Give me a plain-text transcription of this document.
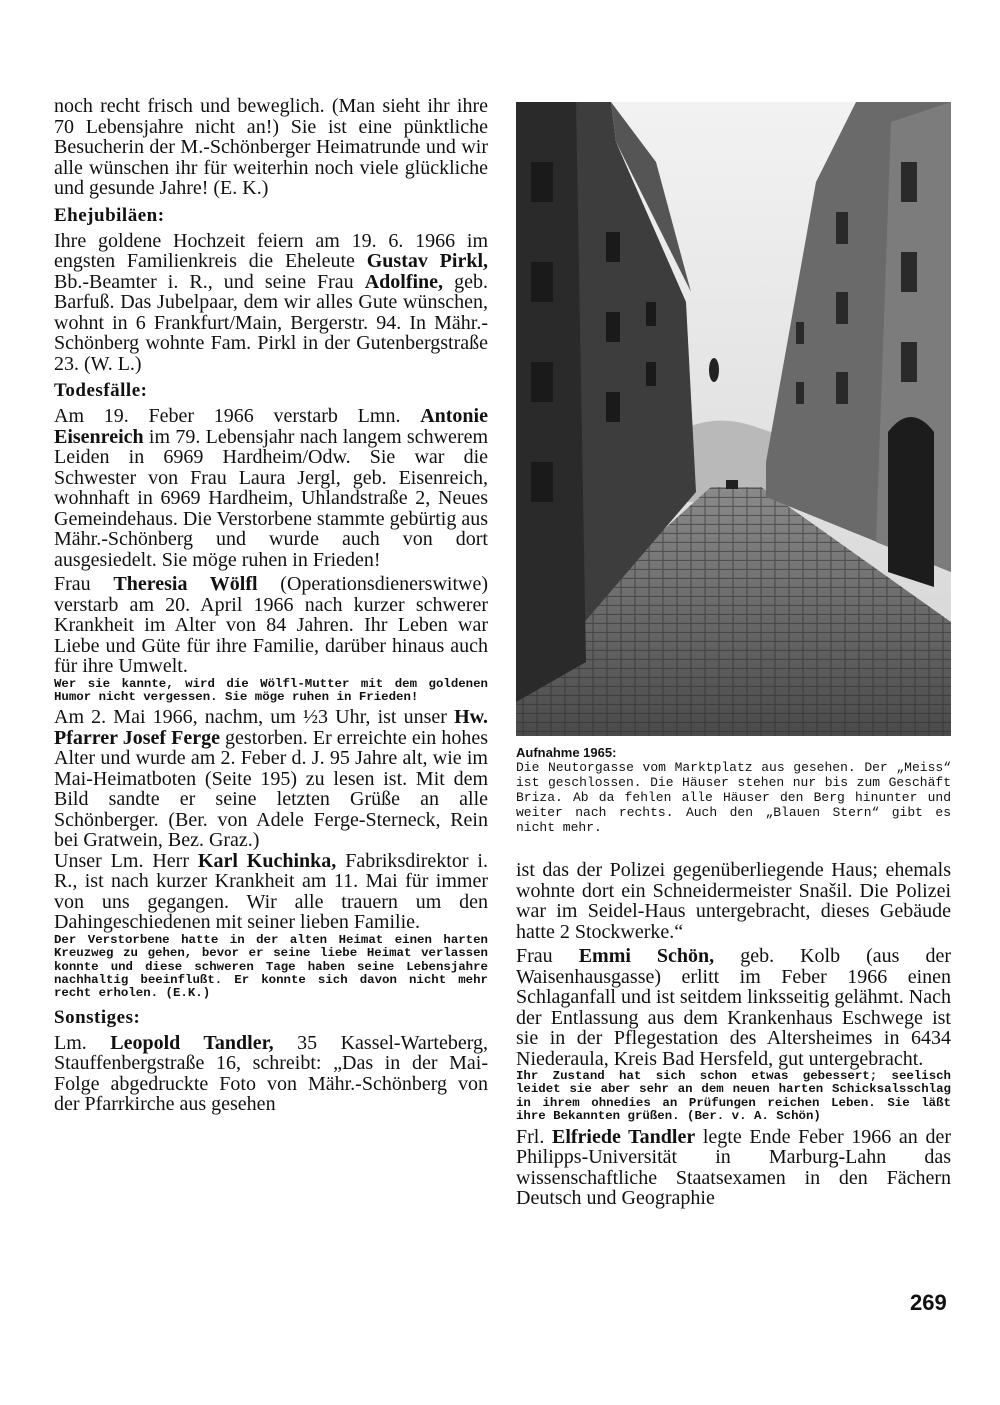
noch recht frisch und beweglich. (Man sieht ihr ihre 70 Lebensjahre nicht an!) Sie ist eine pünktliche Besucherin der M.-Schönberger Heimatrunde und wir alle wünschen ihr für weiterhin noch viele glückliche und gesunde Jahre! (E. K.)

Ehejubiläen:

Ihre goldene Hochzeit feiern am 19. 6. 1966 im engsten Familienkreis die Eheleute Gustav Pirkl, Bb.-Beamter i. R., und seine Frau Adolfine, geb. Barfuß. Das Jubelpaar, dem wir alles Gute wünschen, wohnt in 6 Frankfurt/Main, Bergerstr. 94. In Mähr.-Schönberg wohnte Fam. Pirkl in der Gutenbergstraße 23. (W. L.)

Todesfälle:

Am 19. Feber 1966 verstarb Lmn. Antonie Eisenreich im 79. Lebensjahr nach langem schwerem Leiden in 6969 Hardheim/Odw. Sie war die Schwester von Frau Laura Jergl, geb. Eisenreich, wohnhaft in 6969 Hardheim, Uhlandstraße 2, Neues Gemeindehaus. Die Verstorbene stammte gebürtig aus Mähr.-Schönberg und wurde auch von dort ausgesiedelt. Sie möge ruhen in Frieden!

Frau Theresia Wölfl (Operationsdienerswitwe) verstarb am 20. April 1966 nach kurzer schwerer Krankheit im Alter von 84 Jahren. Ihr Leben war Liebe und Güte für ihre Familie, darüber hinaus auch für ihre Umwelt.

Wer sie kannte, wird die Wölfl-Mutter mit dem goldenen Humor nicht vergessen. Sie möge ruhen in Frieden!

Am 2. Mai 1966, nachm, um ½3 Uhr, ist unser Hw. Pfarrer Josef Ferge gestorben. Er erreichte ein hohes Alter und wurde am 2. Feber d. J. 95 Jahre alt, wie im Mai-Heimatboten (Seite 195) zu lesen ist. Mit dem Bild sandte er seine letzten Grüße an alle Schönberger. (Ber. von Adele Ferge-Sterneck, Rein bei Gratwein, Bez. Graz.)

Unser Lm. Herr Karl Kuchinka, Fabriksdirektor i. R., ist nach kurzer Krankheit am 11. Mai für immer von uns gegangen. Wir alle trauern um den Dahingeschiedenen mit seiner lieben Familie.

Der Verstorbene hatte in der alten Heimat einen harten Kreuzweg zu gehen, bevor er seine liebe Heimat verlassen konnte und diese schweren Tage haben seine Lebensjahre nachhaltig beeinflußt. Er konnte sich davon nicht mehr recht erholen. (E.K.)

Sonstiges:

Lm. Leopold Tandler, 35 Kassel-Warteberg, Stauffenbergstraße 16, schreibt: „Das in der Mai-Folge abgedruckte Foto von Mähr.-Schönberg von der Pfarrkirche aus gesehen

Aufnahme 1965:

Die Neutorgasse vom Marktplatz aus gesehen. Der „Meiss“ ist geschlossen. Die Häuser stehen nur bis zum Geschäft Briza. Ab da fehlen alle Häuser den Berg hinunter und weiter nach rechts. Auch den „Blauen Stern“ gibt es nicht mehr.

ist das der Polizei gegenüberliegende Haus; ehemals wohnte dort ein Schneidermeister Snašil. Die Polizei war im Seidel-Haus untergebracht, dieses Gebäude hatte 2 Stockwerke.“

Frau Emmi Schön, geb. Kolb (aus der Waisenhausgasse) erlitt im Feber 1966 einen Schlaganfall und ist seitdem linksseitig gelähmt. Nach der Entlassung aus dem Krankenhaus Eschwege ist sie in der Pflegestation des Altersheimes in 6434 Niederaula, Kreis Bad Hersfeld, gut untergebracht.

Ihr Zustand hat sich schon etwas gebessert; seelisch leidet sie aber sehr an dem neuen harten Schicksalsschlag in ihrem ohnedies an Prüfungen reichen Leben. Sie läßt ihre Bekannten grüßen. (Ber. v. A. Schön)

Frl. Elfriede Tandler legte Ende Feber 1966 an der Philipps-Universität in Marburg-Lahn das wissenschaftliche Staatsexamen in den Fächern Deutsch und Geographie

269
